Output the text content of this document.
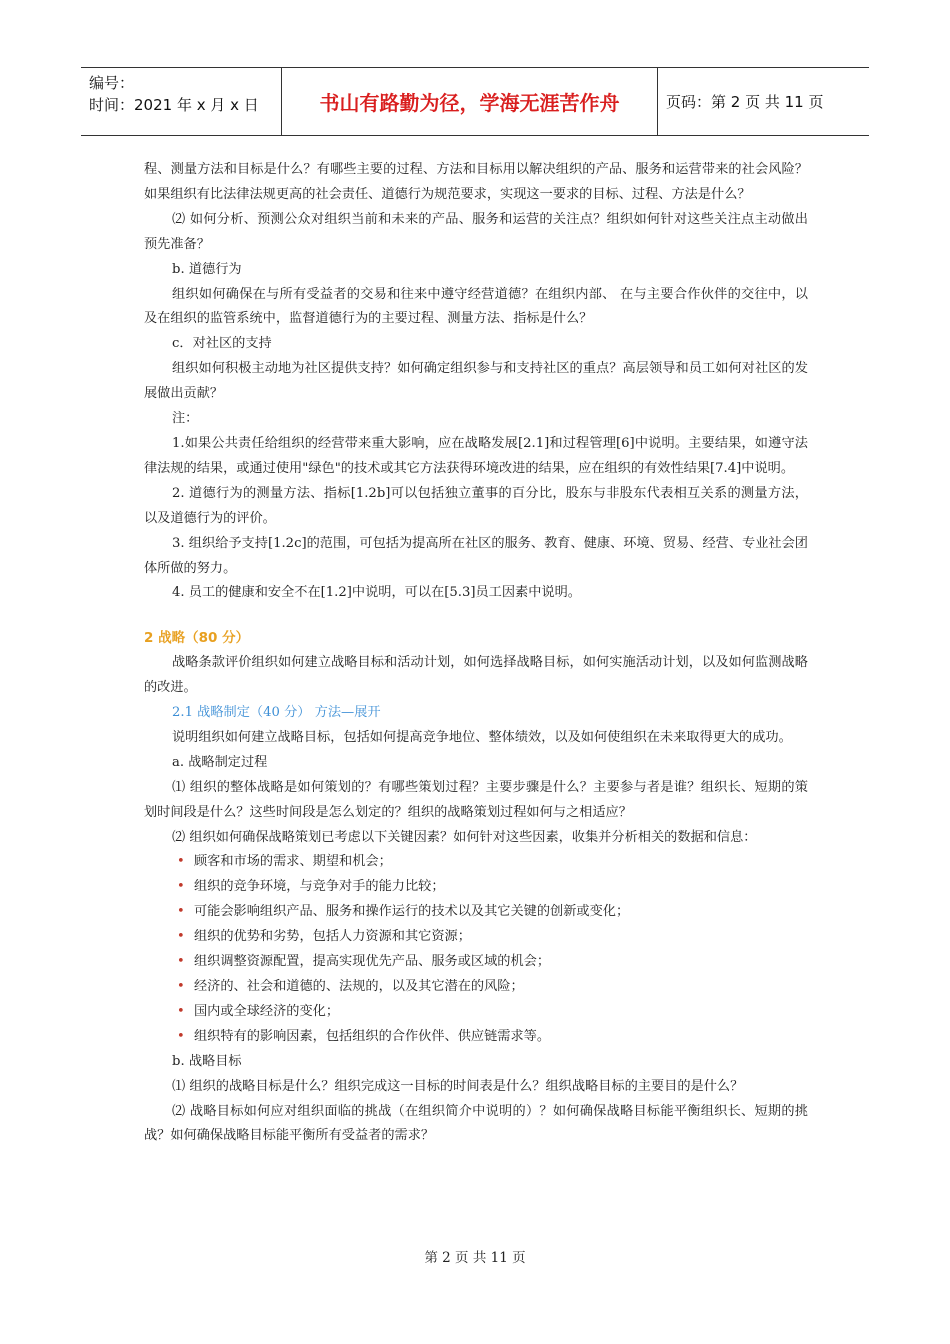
编号：
时间：2021 年 x 月 x 日	书山有路勤为径，学海无涯苦作舟	页码：第 2 页 共 11 页

程、测量方法和目标是什么？有哪些主要的过程、方法和目标用以解决组织的产品、服务和运营带来的社会风险？如果组织有比法律法规更高的社会责任、道德行为规范要求，实现这一要求的目标、过程、方法是什么？

⑵ 如何分析、预测公众对组织当前和未来的产品、服务和运营的关注点？组织如何针对这些关注点主动做出预先准备？

b. 道德行为

组织如何确保在与所有受益者的交易和往来中遵守经营道德？在组织内部、 在与主要合作伙伴的交往中，以及在组织的监管系统中，监督道德行为的主要过程、测量方法、指标是什么？

c．对社区的支持

组织如何积极主动地为社区提供支持？如何确定组织参与和支持社区的重点？高层领导和员工如何对社区的发展做出贡献？

注：

1.如果公共责任给组织的经营带来重大影响，应在战略发展[2.1]和过程管理[6]中说明。主要结果，如遵守法律法规的结果，或通过使用"绿色"的技术或其它方法获得环境改进的结果，应在组织的有效性结果[7.4]中说明。

2. 道德行为的测量方法、指标[1.2b]可以包括独立董事的百分比，股东与非股东代表相互关系的测量方法，以及道德行为的评价。

3. 组织给予支持[1.2c]的范围，可包括为提高所在社区的服务、教育、健康、环境、贸易、经营、专业社会团体所做的努力。

4. 员工的健康和安全不在[1.2]中说明，可以在[5.3]员工因素中说明。

2 战略（80 分）

战略条款评价组织如何建立战略目标和活动计划，如何选择战略目标，如何实施活动计划，以及如何监测战略的改进。

2.1 战略制定（40 分） 方法—展开

说明组织如何建立战略目标，包括如何提高竞争地位、整体绩效，以及如何使组织在未来取得更大的成功。

a. 战略制定过程

⑴ 组织的整体战略是如何策划的？有哪些策划过程？主要步骤是什么？主要参与者是谁？组织长、短期的策划时间段是什么？这些时间段是怎么划定的？组织的战略策划过程如何与之相适应？

⑵ 组织如何确保战略策划已考虑以下关键因素？如何针对这些因素，收集并分析相关的数据和信息：

• 顾客和市场的需求、期望和机会；

• 组织的竞争环境，与竞争对手的能力比较；

• 可能会影响组织产品、服务和操作运行的技术以及其它关键的创新或变化；

• 组织的优势和劣势，包括人力资源和其它资源；

• 组织调整资源配置，提高实现优先产品、服务或区域的机会；

• 经济的、社会和道德的、法规的，以及其它潜在的风险；

• 国内或全球经济的变化；

• 组织特有的影响因素，包括组织的合作伙伴、供应链需求等。

b. 战略目标

⑴ 组织的战略目标是什么？组织完成这一目标的时间表是什么？组织战略目标的主要目的是什么？

⑵ 战略目标如何应对组织面临的挑战（在组织简介中说明的）？如何确保战略目标能平衡组织长、短期的挑战？如何确保战略目标能平衡所有受益者的需求？

第 2 页 共 11 页
